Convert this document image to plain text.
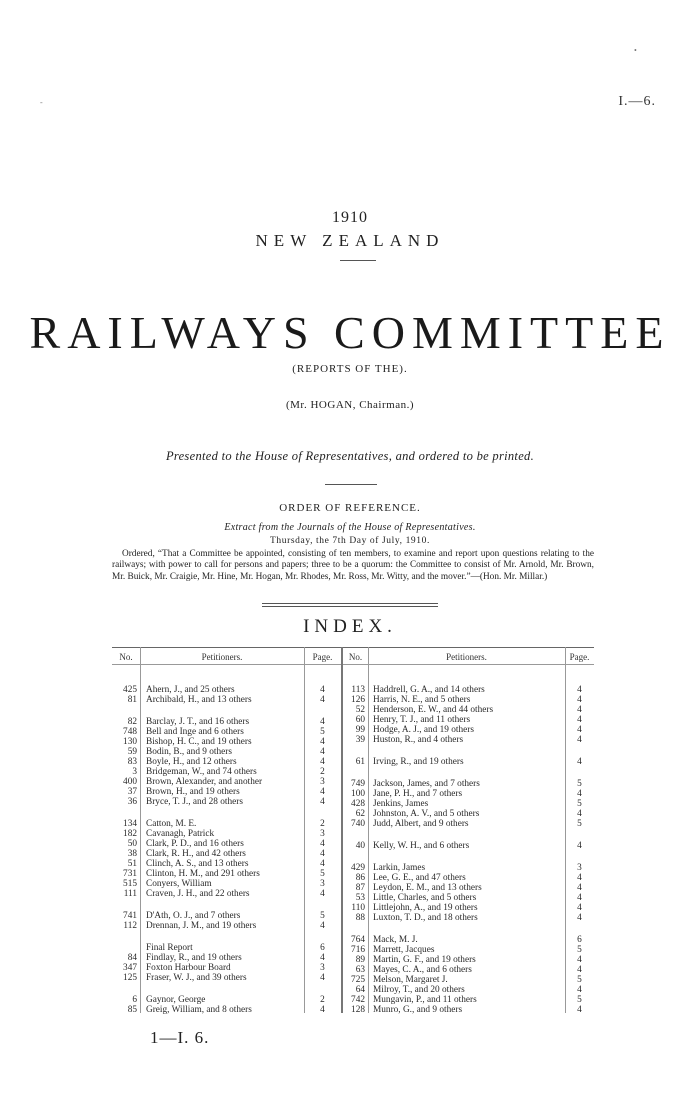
I.—6.
•
-
1910
NEW ZEALAND
RAILWAYS COMMITTEE
(REPORTS OF THE).
(Mr. HOGAN, Chairman.)
Presented to the House of Representatives, and ordered to be printed.
ORDER OF REFERENCE.
Extract from the Journals of the House of Representatives.
Thursday, the 7th Day of July, 1910.
Ordered, “That a Committee be appointed, consisting of ten members, to examine and report upon questions relating to the railways; with power to call for persons and papers; three to be a quorum: the Committee to consist of Mr. Arnold, Mr. Brown, Mr. Buick, Mr. Craigie, Mr. Hine, Mr. Hogan, Mr. Rhodes, Mr. Ross, Mr. Witty, and the mover.”—(Hon. Mr. Millar.)
INDEX.
No.	Petitioners.	Page.	No.	Petitioners.	Page.
425 Ahern, J., and 25 others	4
81 Archibald, H., and 13 others	4
82 Barclay, J. T., and 16 others	4
748 Bell and Inge and 6 others	5
130 Bishop, H. C., and 19 others	4
59 Bodin, B., and 9 others	4
83 Boyle, H., and 12 others	4
3 Bridgeman, W., and 74 others	2
400 Brown, Alexander, and another	3
37 Brown, H., and 19 others	4
36 Bryce, T. J., and 28 others	4
134 Catton, M. E.	2
182 Cavanagh, Patrick	3
50 Clark, P. D., and 16 others	4
38 Clark, R. H., and 42 others	4
51 Clinch, A. S., and 13 others	4
731 Clinton, H. M., and 291 others	5
515 Conyers, William	3
111 Craven, J. H., and 22 others	4
741 D'Ath, O. J., and 7 others	5
112 Drennan, J. M., and 19 others	4
Final Report	6
84 Findlay, R., and 19 others	4
347 Foxton Harbour Board	3
125 Fraser, W. J., and 39 others	4
6 Gaynor, George	2
85 Greig, William, and 8 others	4
113 Haddrell, G. A., and 14 others	4
126 Harris, N. E., and 5 others	4
52 Henderson, E. W., and 44 others	4
60 Henry, T. J., and 11 others	4
99 Hodge, A. J., and 19 others	4
39 Huston, R., and 4 others	4
61 Irving, R., and 19 others	4
749 Jackson, James, and 7 others	5
100 Jane, P. H., and 7 others	4
428 Jenkins, James	5
62 Johnston, A. V., and 5 others	4
740 Judd, Albert, and 9 others	5
40 Kelly, W. H., and 6 others	4
429 Larkin, James	3
86 Lee, G. E., and 47 others	4
87 Leydon, E. M., and 13 others	4
53 Little, Charles, and 5 others	4
110 Littlejohn, A., and 19 others	4
88 Luxton, T. D., and 18 others	4
764 Mack, M. J.	6
716 Marrett, Jacques	5
89 Martin, G. F., and 19 others	4
63 Mayes, C. A., and 6 others	4
725 Melson, Margaret J.	5
64 Milroy, T., and 20 others	4
742 Mungavin, P., and 11 others	5
128 Munro, G., and 9 others	4
1—I. 6.
